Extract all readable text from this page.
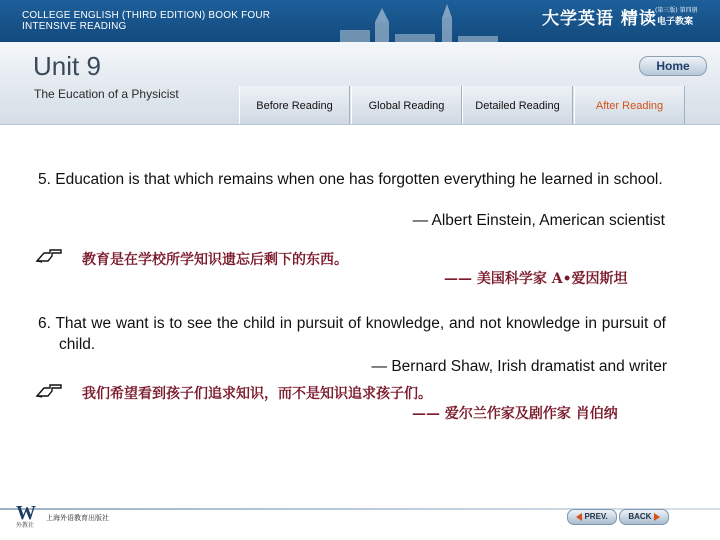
COLLEGE ENGLISH (THIRD EDITION) BOOK FOUR
INTENSIVE READING	大学英语 精读
(第三版) 第四册
电子教案
Unit 9
The Eucation of a Physicist
Home
Before Reading	Global Reading	Detailed Reading	After Reading
5. Education is that which remains when one has forgotten everything he learned in school.
— Albert Einstein, American scientist
教育是在学校所学知识遗忘后剩下的东西。
—— 美国科学家 A•爱因斯坦
6. That we want is to see the child in pursuit of knowledge, and not knowledge in pursuit of child.
— Bernard Shaw, Irish dramatist and writer
我们希望看到孩子们追求知识，而不是知识追求孩子们。
—— 爱尔兰作家及剧作家 肖伯纳
W
外教社
上海外语教育出版社	PREV.	BACK
